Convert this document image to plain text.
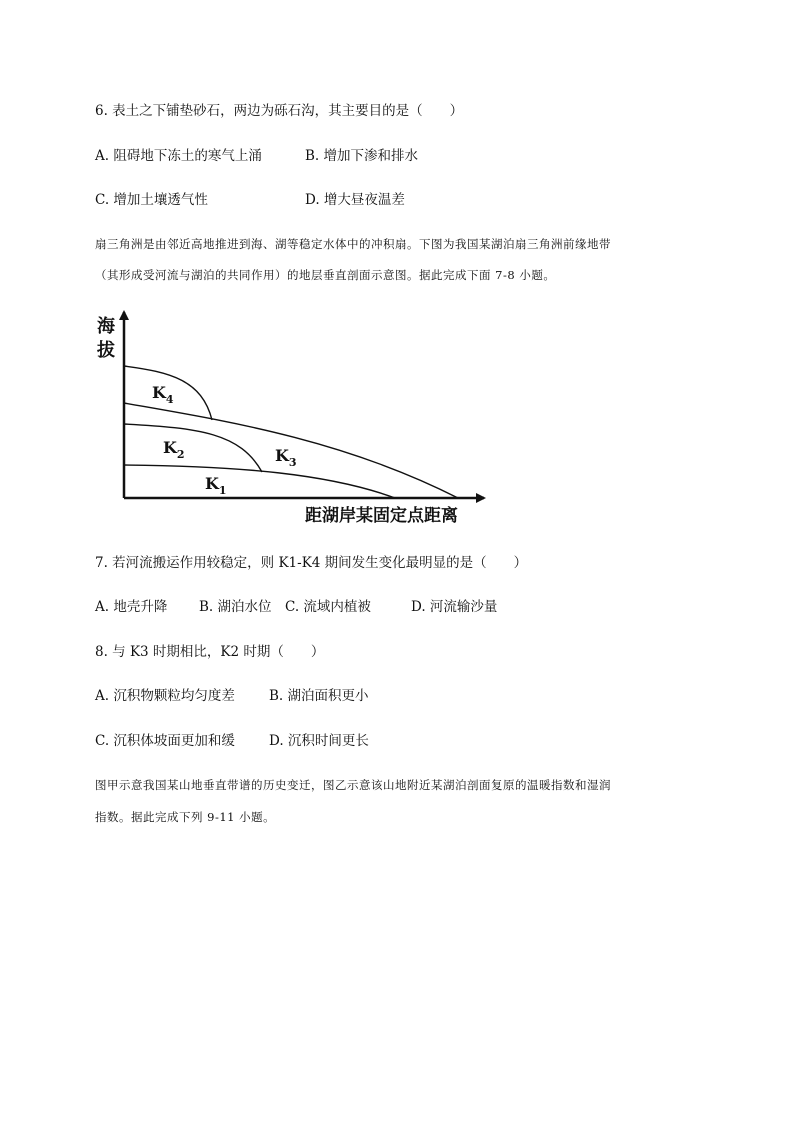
6. 表土之下铺垫砂石，两边为砾石沟，其主要目的是（　　）
A. 阻碍地下冻土的寒气上涌	B. 增加下渗和排水
C. 增加土壤透气性	D. 增大昼夜温差
扇三角洲是由邻近高地推进到海、湖等稳定水体中的冲积扇。下图为我国某湖泊扇三角洲前缘地带
（其形成受河流与湖泊的共同作用）的地层垂直剖面示意图。据此完成下面 7-8 小题。
海
拔
距湖岸某固定点距离
$K_4$
$K_2$	$K_3$
$K_1$
7. 若河流搬运作用较稳定，则 K1-K4 期间发生变化最明显的是（　　）
A. 地壳升降 B. 湖泊水位 C. 流域内植被	D. 河流输沙量
8. 与 K3 时期相比，K2 时期（　　）
A. 沉积物颗粒均匀度差	B. 湖泊面积更小
C. 沉积体坡面更加和缓	D. 沉积时间更长
图甲示意我国某山地垂直带谱的历史变迁，图乙示意该山地附近某湖泊剖面复原的温暖指数和湿润
指数。据此完成下列 9-11 小题。
